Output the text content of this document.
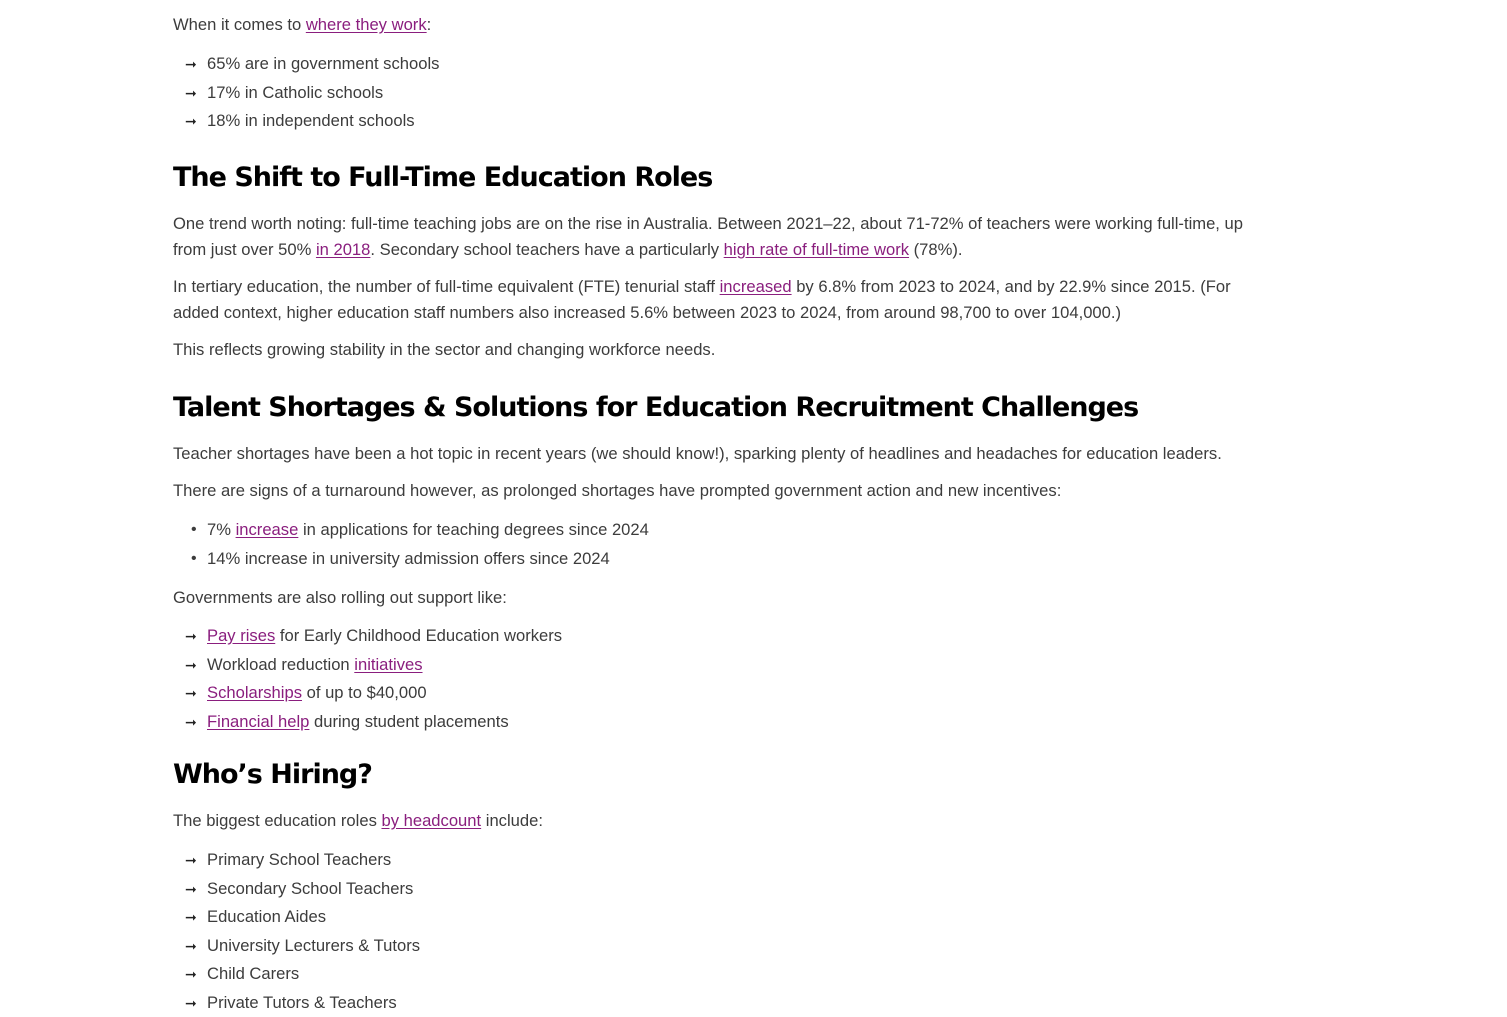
When it comes to where they work:

➞ 65% are in government schools
➞ 17% in Catholic schools
➞ 18% in independent schools
The Shift to Full-Time Education Roles

One trend worth noting: full-time teaching jobs are on the rise in Australia. Between 2021–22, about 71-72% of teachers were working full-time, up from just over 50% in 2018. Secondary school teachers have a particularly high rate of full-time work (78%).

In tertiary education, the number of full-time equivalent (FTE) tenurial staff increased by 6.8% from 2023 to 2024, and by 22.9% since 2015. (For added context, higher education staff numbers also increased 5.6% between 2023 to 2024, from around 98,700 to over 104,000.)

This reflects growing stability in the sector and changing workforce needs.

Talent Shortages & Solutions for Education Recruitment Challenges

Teacher shortages have been a hot topic in recent years (we should know!), sparking plenty of headlines and headaches for education leaders.

There are signs of a turnaround however, as prolonged shortages have prompted government action and new incentives:

• 7% increase in applications for teaching degrees since 2024
• 14% increase in university admission offers since 2024

Governments are also rolling out support like:

➞ Pay rises for Early Childhood Education workers
➞ Workload reduction initiatives
➞ Scholarships of up to $40,000
➞ Financial help during student placements
Who’s Hiring?

The biggest education roles by headcount include:

➞ Primary School Teachers
➞ Secondary School Teachers
➞ Education Aides
➞ University Lecturers & Tutors
➞ Child Carers
➞ Private Tutors & Teachers
